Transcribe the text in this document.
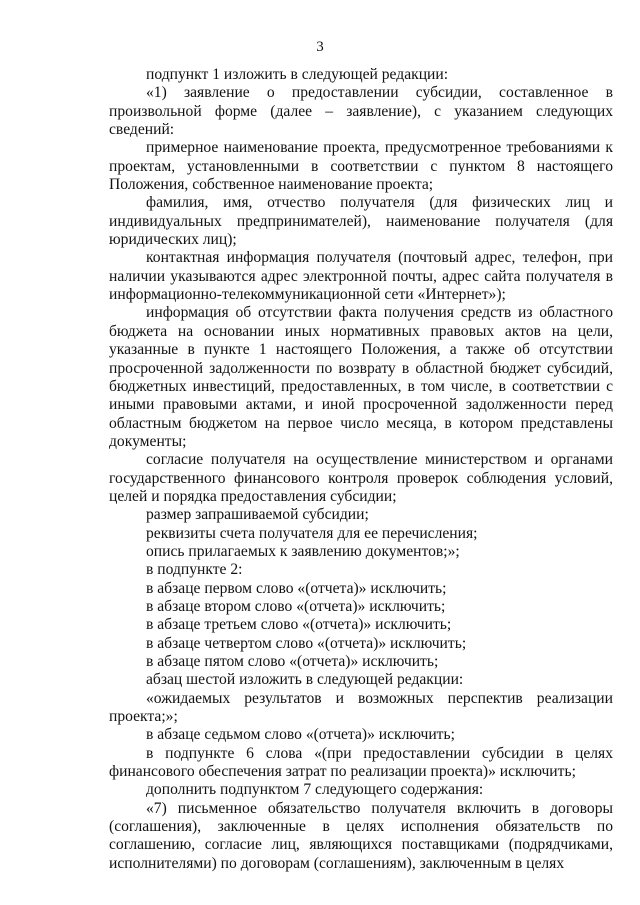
3

подпункт 1 изложить в следующей редакции:

«1) заявление о предоставлении субсидии, составленное в произвольной форме (далее – заявление), с указанием следующих сведений:

примерное наименование проекта, предусмотренное требованиями к проектам, установленными в соответствии с пунктом 8 настоящего Положения, собственное наименование проекта;

фамилия, имя, отчество получателя (для физических лиц и индивидуальных предпринимателей), наименование получателя (для юридических лиц);

контактная информация получателя (почтовый адрес, телефон, при наличии указываются адрес электронной почты, адрес сайта получателя в информационно-телекоммуникационной сети «Интернет»);

информация об отсутствии факта получения средств из областного бюджета на основании иных нормативных правовых актов на цели, указанные в пункте 1 настоящего Положения, а также об отсутствии просроченной задолженности по возврату в областной бюджет субсидий, бюджетных инвестиций, предоставленных, в том числе, в соответствии с иными правовыми актами, и иной просроченной задолженности перед областным бюджетом на первое число месяца, в котором представлены документы;

согласие получателя на осуществление министерством и органами государственного финансового контроля проверок соблюдения условий, целей и порядка предоставления субсидии;

размер запрашиваемой субсидии;

реквизиты счета получателя для ее перечисления;

опись прилагаемых к заявлению документов;»;

в подпункте 2:

в абзаце первом слово «(отчета)» исключить;

в абзаце втором слово «(отчета)» исключить;

в абзаце третьем слово «(отчета)» исключить;

в абзаце четвертом слово «(отчета)» исключить;

в абзаце пятом слово «(отчета)» исключить;

абзац шестой изложить в следующей редакции:

«ожидаемых результатов и возможных перспектив реализации проекта;»;

в абзаце седьмом слово «(отчета)» исключить;

в подпункте 6 слова «(при предоставлении субсидии в целях финансового обеспечения затрат по реализации проекта)» исключить;

дополнить подпунктом 7 следующего содержания:

«7) письменное обязательство получателя включить в договоры (соглашения), заключенные в целях исполнения обязательств по соглашению, согласие лиц, являющихся поставщиками (подрядчиками, исполнителями) по договорам (соглашениям), заключенным в целях
